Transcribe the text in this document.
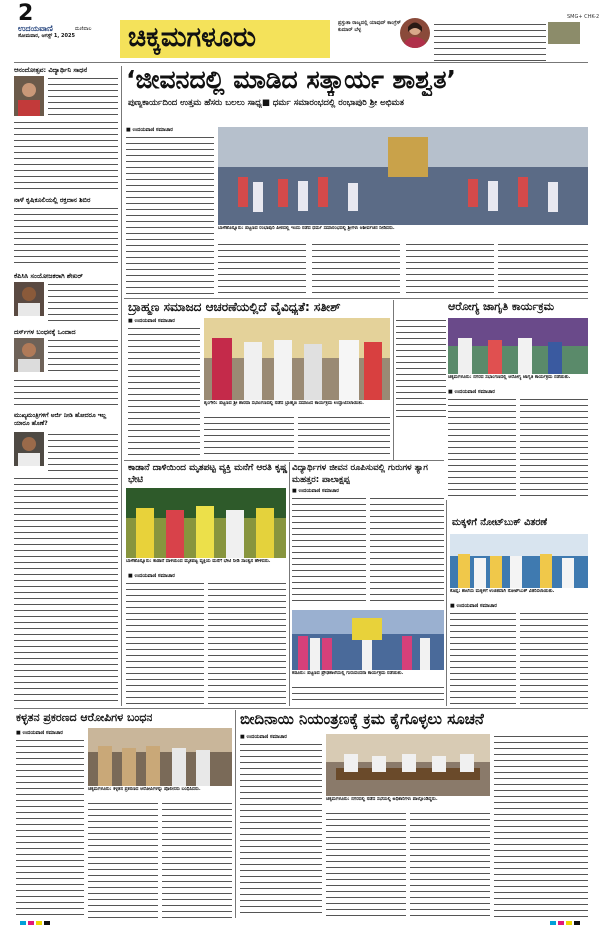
2
ಉದಯವಾಣಿ	ಮಣಿಪಾಲ
ಸೋಮವಾರ, ಆಗಸ್ಟ್ 1, 2025 ಚಿಕ್ಕಮಗಳೂರು	ಪ್ರಸ್ತುತಾ ರಾಜ್ಯದಲ್ಲಿ ಯಾವುದ್ ಕಾಂಗ್ರೆಸ್ ಕುಮಾರ್ ಬೆಳ್ಳ
SMG+ CHK-2
ಆನಂದೋತ್ಸವ: ವಿದ್ಯಾರ್ಥಿನಿ ಸಾಧನೆ
ನಾಳೆ ಕೃಷಿಕೂಲಿಯಲ್ಲಿ ರಕ್ತದಾನ ಶಿಬಿರ
ಕೆಪಿಸಿಸಿ ಸಂಯೋಜಕರಾಗಿ ಶೇಖರ್
ದರ್ಸ್‌ಗಳ ಬಂಧನಕ್ಕೆ ಒಂದಾದ
ಮುಖ್ಯಮಂತ್ರಿಗಳಿಗೆ ಅರ್ಜಿ ನೀಡಿ ಹೋದರೂ ಇಲ್ಲ ಯಾರೂ ಹೊಣೆ?
‘ಜೀವನದಲ್ಲಿ ಮಾಡಿದ ಸತ್ಕಾರ್ಯ ಶಾಶ್ವತ’
ಪುಣ್ಯಕಾರ್ಯದಿಂದ ಉತ್ತಮ ಹೆಸರು ಬಲಲು ಸಾಧ್ಯ■ ಧರ್ಮ ಸಮಾರಂಭದಲ್ಲಿ ರಂಭಾಪುರಿ ಶ್ರೀ ಅಭಿಮತ
ಬಾಳೆಹೊನ್ನೂರು: ಪಟ್ಟಣದ ರಂಭಾಪುರಿ ಪೀಠದಲ್ಲಿ ಇಂದು ನಡೆದ ಧರ್ಮ ಸಮಾರಂಭದಲ್ಲಿ ಶ್ರೀಗಳು ಆಶೀರ್ವಚನ ನೀಡಿದರು.
■ ಉದಯವಾಣಿ ಸಮಾಚಾರ
ಬ್ರಾಹ್ಮಣ ಸಮಾಜದ ಆಚರಣೆಯಲ್ಲಿದೆ ವೈವಿಧ್ಯತೆ: ಸತೀಶ್
■ ಉದಯವಾಣಿ ಸಮಾಚಾರ
ಶೃಂಗೇರಿ: ಪಟ್ಟಣದ ಶ್ರೀ ಶಾರದಾ ಸಭಾಂಗಣದಲ್ಲಿ ನಡೆದ ಬ್ರಾಹ್ಮಣ ಸಮಾಜದ ಕಾರ್ಯಕ್ರಮ ಉದ್ಘಾಟಿಸಲಾಯಿತು.
ಆರೋಗ್ಯ ಜಾಗೃತಿ ಕಾರ್ಯಕ್ರಮ
ಚಿಕ್ಕಮಗಳೂರು: ನಗರದ ಸಭಾಂಗಣದಲ್ಲಿ ಆರೋಗ್ಯ ಜಾಗೃತಿ ಕಾರ್ಯಕ್ರಮ ನಡೆಯಿತು.
■ ಉದಯವಾಣಿ ಸಮಾಚಾರ
ಕಾಡಾನೆ ದಾಳಿಯಿಂದ ಮೃತಪಟ್ಟ ವ್ಯಕ್ತಿ ಮನೆಗೆ ಆರತಿ ಕೃಷ್ಣ ಭೇಟಿ
ಬಾಳೆಹೊನ್ನೂರು: ಕಾಡಾನೆ ದಾಳಿಯಿಂದ ಮೃತಪಟ್ಟ ವ್ಯಕ್ತಿಯ ಮನೆಗೆ ಭೇಟಿ ನೀಡಿ ಸಾಂತ್ವನ ಹೇಳಿದರು.
■ ಉದಯವಾಣಿ ಸಮಾಚಾರ
ವಿದ್ಯಾರ್ಥಿಗಳ ಜೀವನ ರೂಪಿಸುವಲ್ಲಿ ಗುರುಗಳ ತ್ಯಾಗ ಮಹತ್ತರ: ಪಾಲಾಕ್ಷಪ್ಪ
■ ಉದಯವಾಣಿ ಸಮಾಚಾರ
ಕಡೂರು: ಪಟ್ಟಣದ ಪ್ರೌಢಶಾಲೆಯಲ್ಲಿ ಗುರುವಂದನಾ ಕಾರ್ಯಕ್ರಮ ನಡೆಯಿತು.
ಮಕ್ಕಳಿಗೆ ನೋಟ್‌ಬುಕ್ ವಿತರಣೆ
ಕೊಪ್ಪ: ಶಾಲೆಯ ಮಕ್ಕಳಿಗೆ ಉಚಿತವಾಗಿ ನೋಟ್‌ಬುಕ್ ವಿತರಿಸಲಾಯಿತು.
■ ಉದಯವಾಣಿ ಸಮಾಚಾರ
ಕಳ್ಳತನ ಪ್ರಕರಣದ ಆರೋಪಿಗಳ ಬಂಧನ
■ ಉದಯವಾಣಿ ಸಮಾಚಾರ
ಚಿಕ್ಕಮಗಳೂರು: ಕಳ್ಳತನ ಪ್ರಕರಣದ ಆರೋಪಿಗಳನ್ನು ಪೊಲೀಸರು ಬಂಧಿಸಿದರು.
ಬೀದಿನಾಯಿ ನಿಯಂತ್ರಣಕ್ಕೆ ಕ್ರಮ ಕೈಗೊಳ್ಳಲು ಸೂಚನೆ
■ ಉದಯವಾಣಿ ಸಮಾಚಾರ
ಚಿಕ್ಕಮಗಳೂರು: ನಗರದಲ್ಲಿ ನಡೆದ ಸಭೆಯಲ್ಲಿ ಅಧಿಕಾರಿಗಳು ಪಾಲ್ಗೊಂಡಿದ್ದರು.
